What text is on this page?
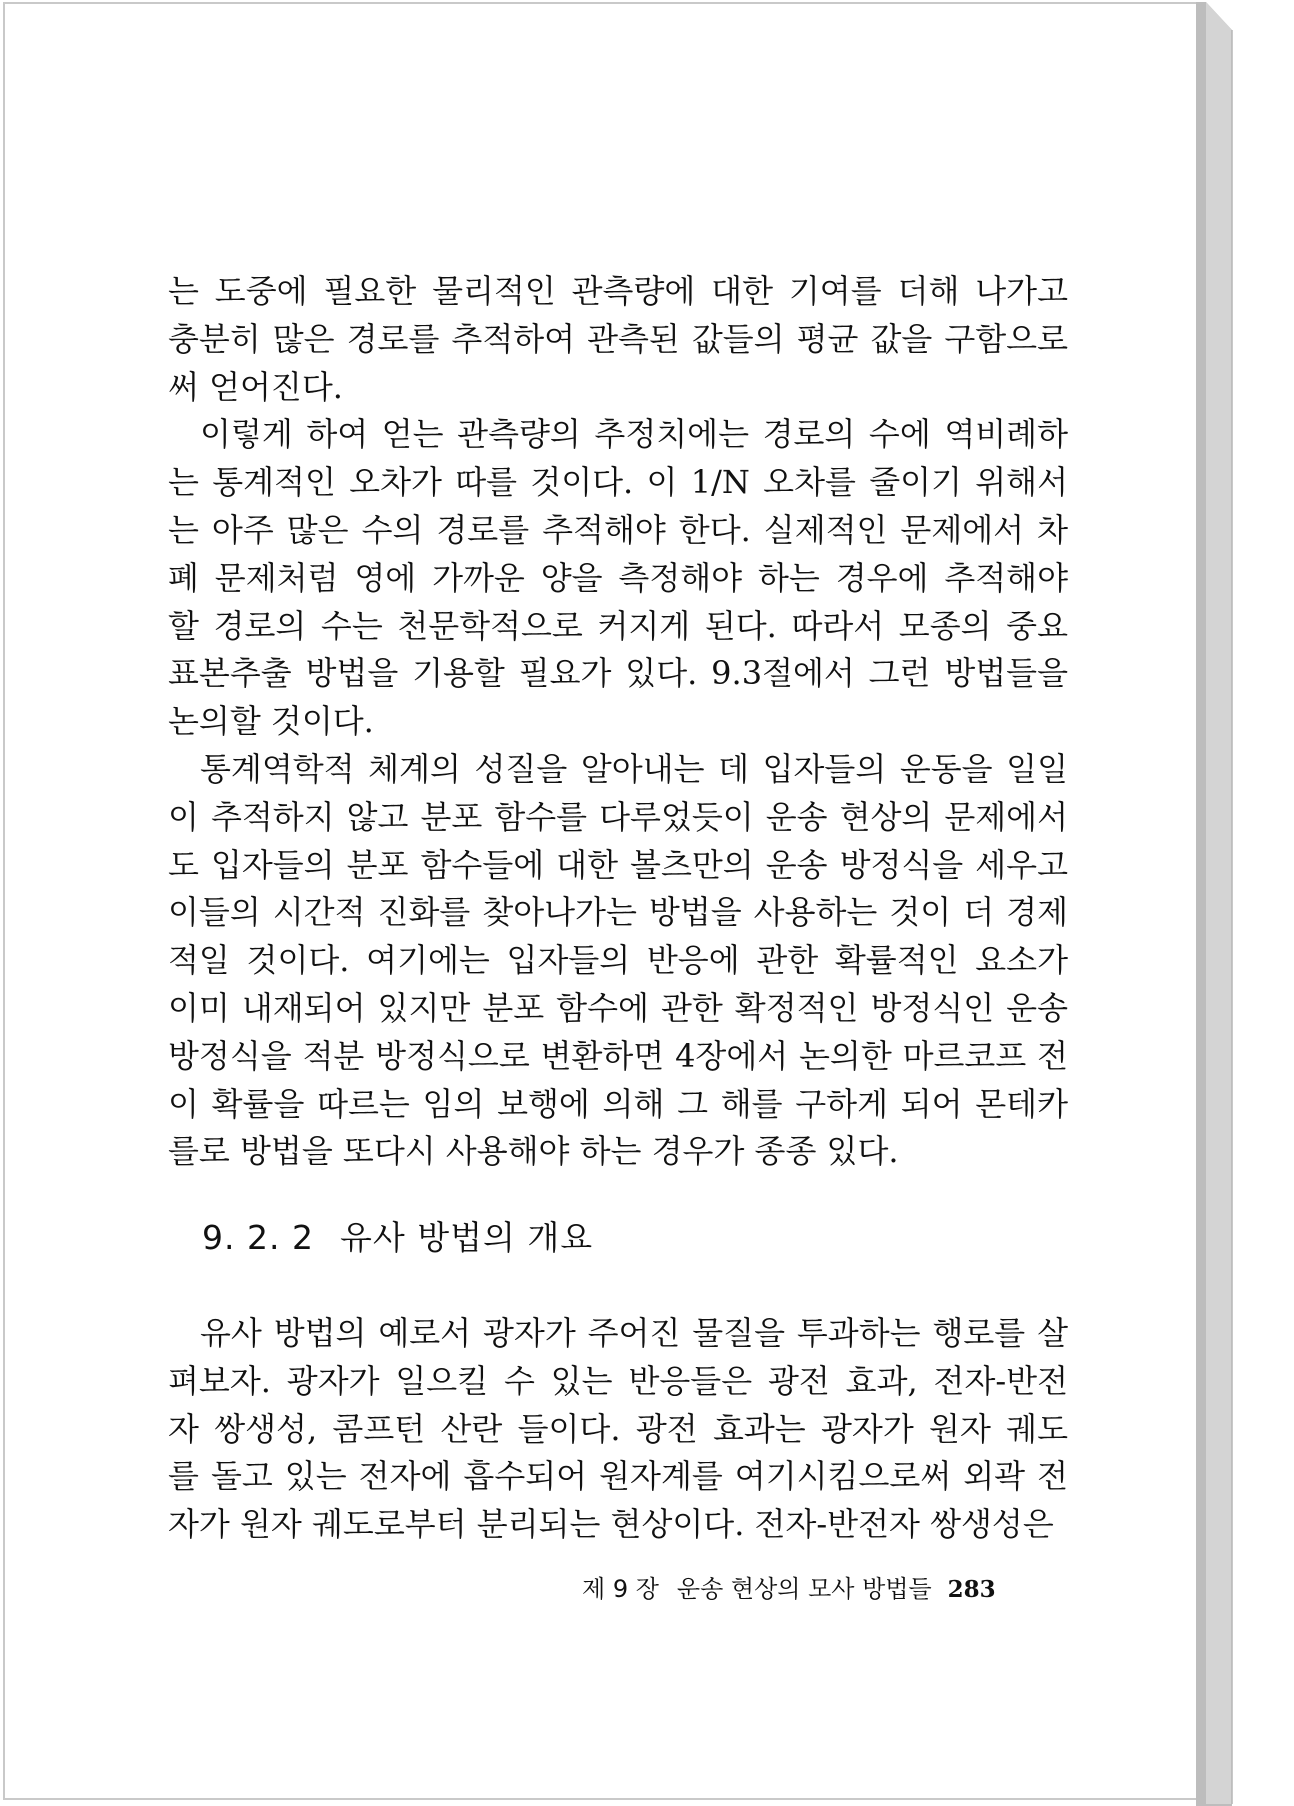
는 도중에 필요한 물리적인 관측량에 대한 기여를 더해 나가고
충분히 많은 경로를 추적하여 관측된 값들의 평균 값을 구함으로
써 얻어진다.
이렇게 하여 얻는 관측량의 추정치에는 경로의 수에 역비례하
는 통계적인 오차가 따를 것이다. 이 1/N 오차를 줄이기 위해서
는 아주 많은 수의 경로를 추적해야 한다. 실제적인 문제에서 차
폐 문제처럼 영에 가까운 양을 측정해야 하는 경우에 추적해야
할 경로의 수는 천문학적으로 커지게 된다. 따라서 모종의 중요
표본추출 방법을 기용할 필요가 있다. 9.3절에서 그런 방법들을
논의할 것이다.
통계역학적 체계의 성질을 알아내는 데 입자들의 운동을 일일
이 추적하지 않고 분포 함수를 다루었듯이 운송 현상의 문제에서
도 입자들의 분포 함수들에 대한 볼츠만의 운송 방정식을 세우고
이들의 시간적 진화를 찾아나가는 방법을 사용하는 것이 더 경제
적일 것이다. 여기에는 입자들의 반응에 관한 확률적인 요소가
이미 내재되어 있지만 분포 함수에 관한 확정적인 방정식인 운송
방정식을 적분 방정식으로 변환하면 4장에서 논의한 마르코프 전
이 확률을 따르는 임의 보행에 의해 그 해를 구하게 되어 몬테카
를로 방법을 또다시 사용해야 하는 경우가 종종 있다.
9. 2. 2 유사 방법의 개요
유사 방법의 예로서 광자가 주어진 물질을 투과하는 행로를 살
펴보자. 광자가 일으킬 수 있는 반응들은 광전 효과, 전자-반전
자 쌍생성, 콤프턴 산란 들이다. 광전 효과는 광자가 원자 궤도
를 돌고 있는 전자에 흡수되어 원자계를 여기시킴으로써 외곽 전
자가 원자 궤도로부터 분리되는 현상이다. 전자-반전자 쌍생성은
제 9 장 운송 현상의 모사 방법들 283
